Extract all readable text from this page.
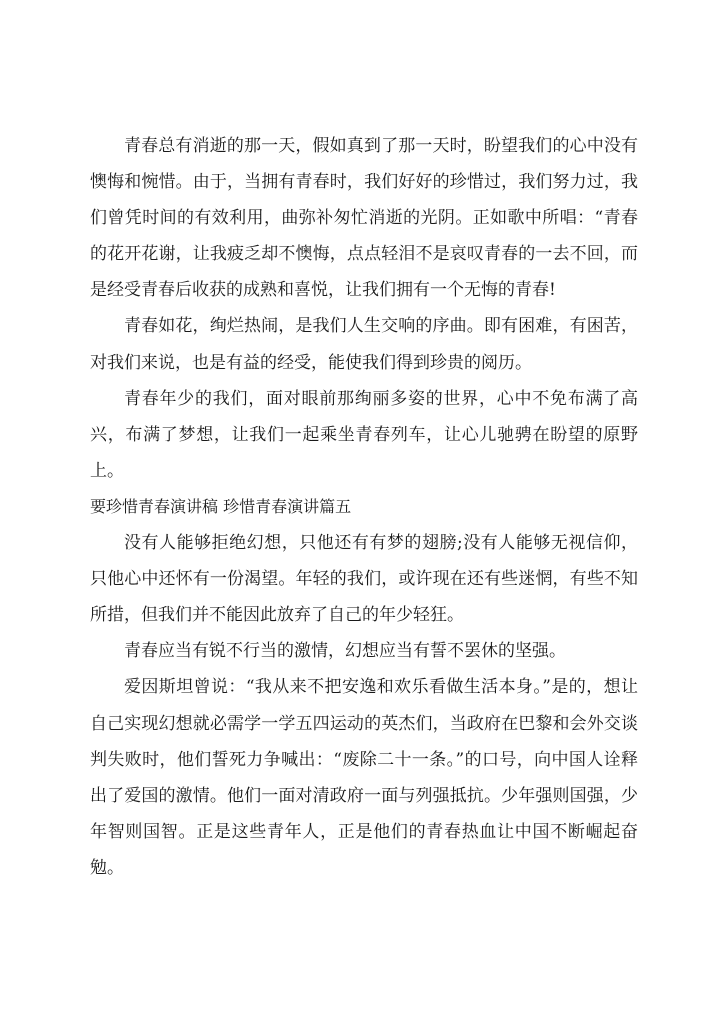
青春总有消逝的那一天，假如真到了那一天时，盼望我们的心中没有懊悔和惋惜。由于，当拥有青春时，我们好好的珍惜过，我们努力过，我们曾凭时间的有效利用，曲弥补匆忙消逝的光阴。正如歌中所唱：“青春的花开花谢，让我疲乏却不懊悔，点点轻泪不是哀叹青春的一去不回，而是经受青春后收获的成熟和喜悦，让我们拥有一个无悔的青春!

青春如花，绚烂热闹，是我们人生交响的序曲。即有困难，有困苦，对我们来说，也是有益的经受，能使我们得到珍贵的阅历。

青春年少的我们，面对眼前那绚丽多姿的世界，心中不免布满了高兴，布满了梦想，让我们一起乘坐青春列车，让心儿驰骋在盼望的原野上。

要珍惜青春演讲稿 珍惜青春演讲篇五

没有人能够拒绝幻想，只他还有有梦的翅膀;没有人能够无视信仰，只他心中还怀有一份渴望。年轻的我们，或许现在还有些迷惘，有些不知所措，但我们并不能因此放弃了自己的年少轻狂。

青春应当有锐不行当的激情，幻想应当有誓不罢休的坚强。

爱因斯坦曾说：“我从来不把安逸和欢乐看做生活本身。”是的，想让自己实现幻想就必需学一学五四运动的英杰们，当政府在巴黎和会外交谈判失败时，他们誓死力争喊出：“废除二十一条。”的口号，向中国人诠释出了爱国的激情。他们一面对清政府一面与列强抵抗。少年强则国强，少年智则国智。正是这些青年人，正是他们的青春热血让中国不断崛起奋勉。
